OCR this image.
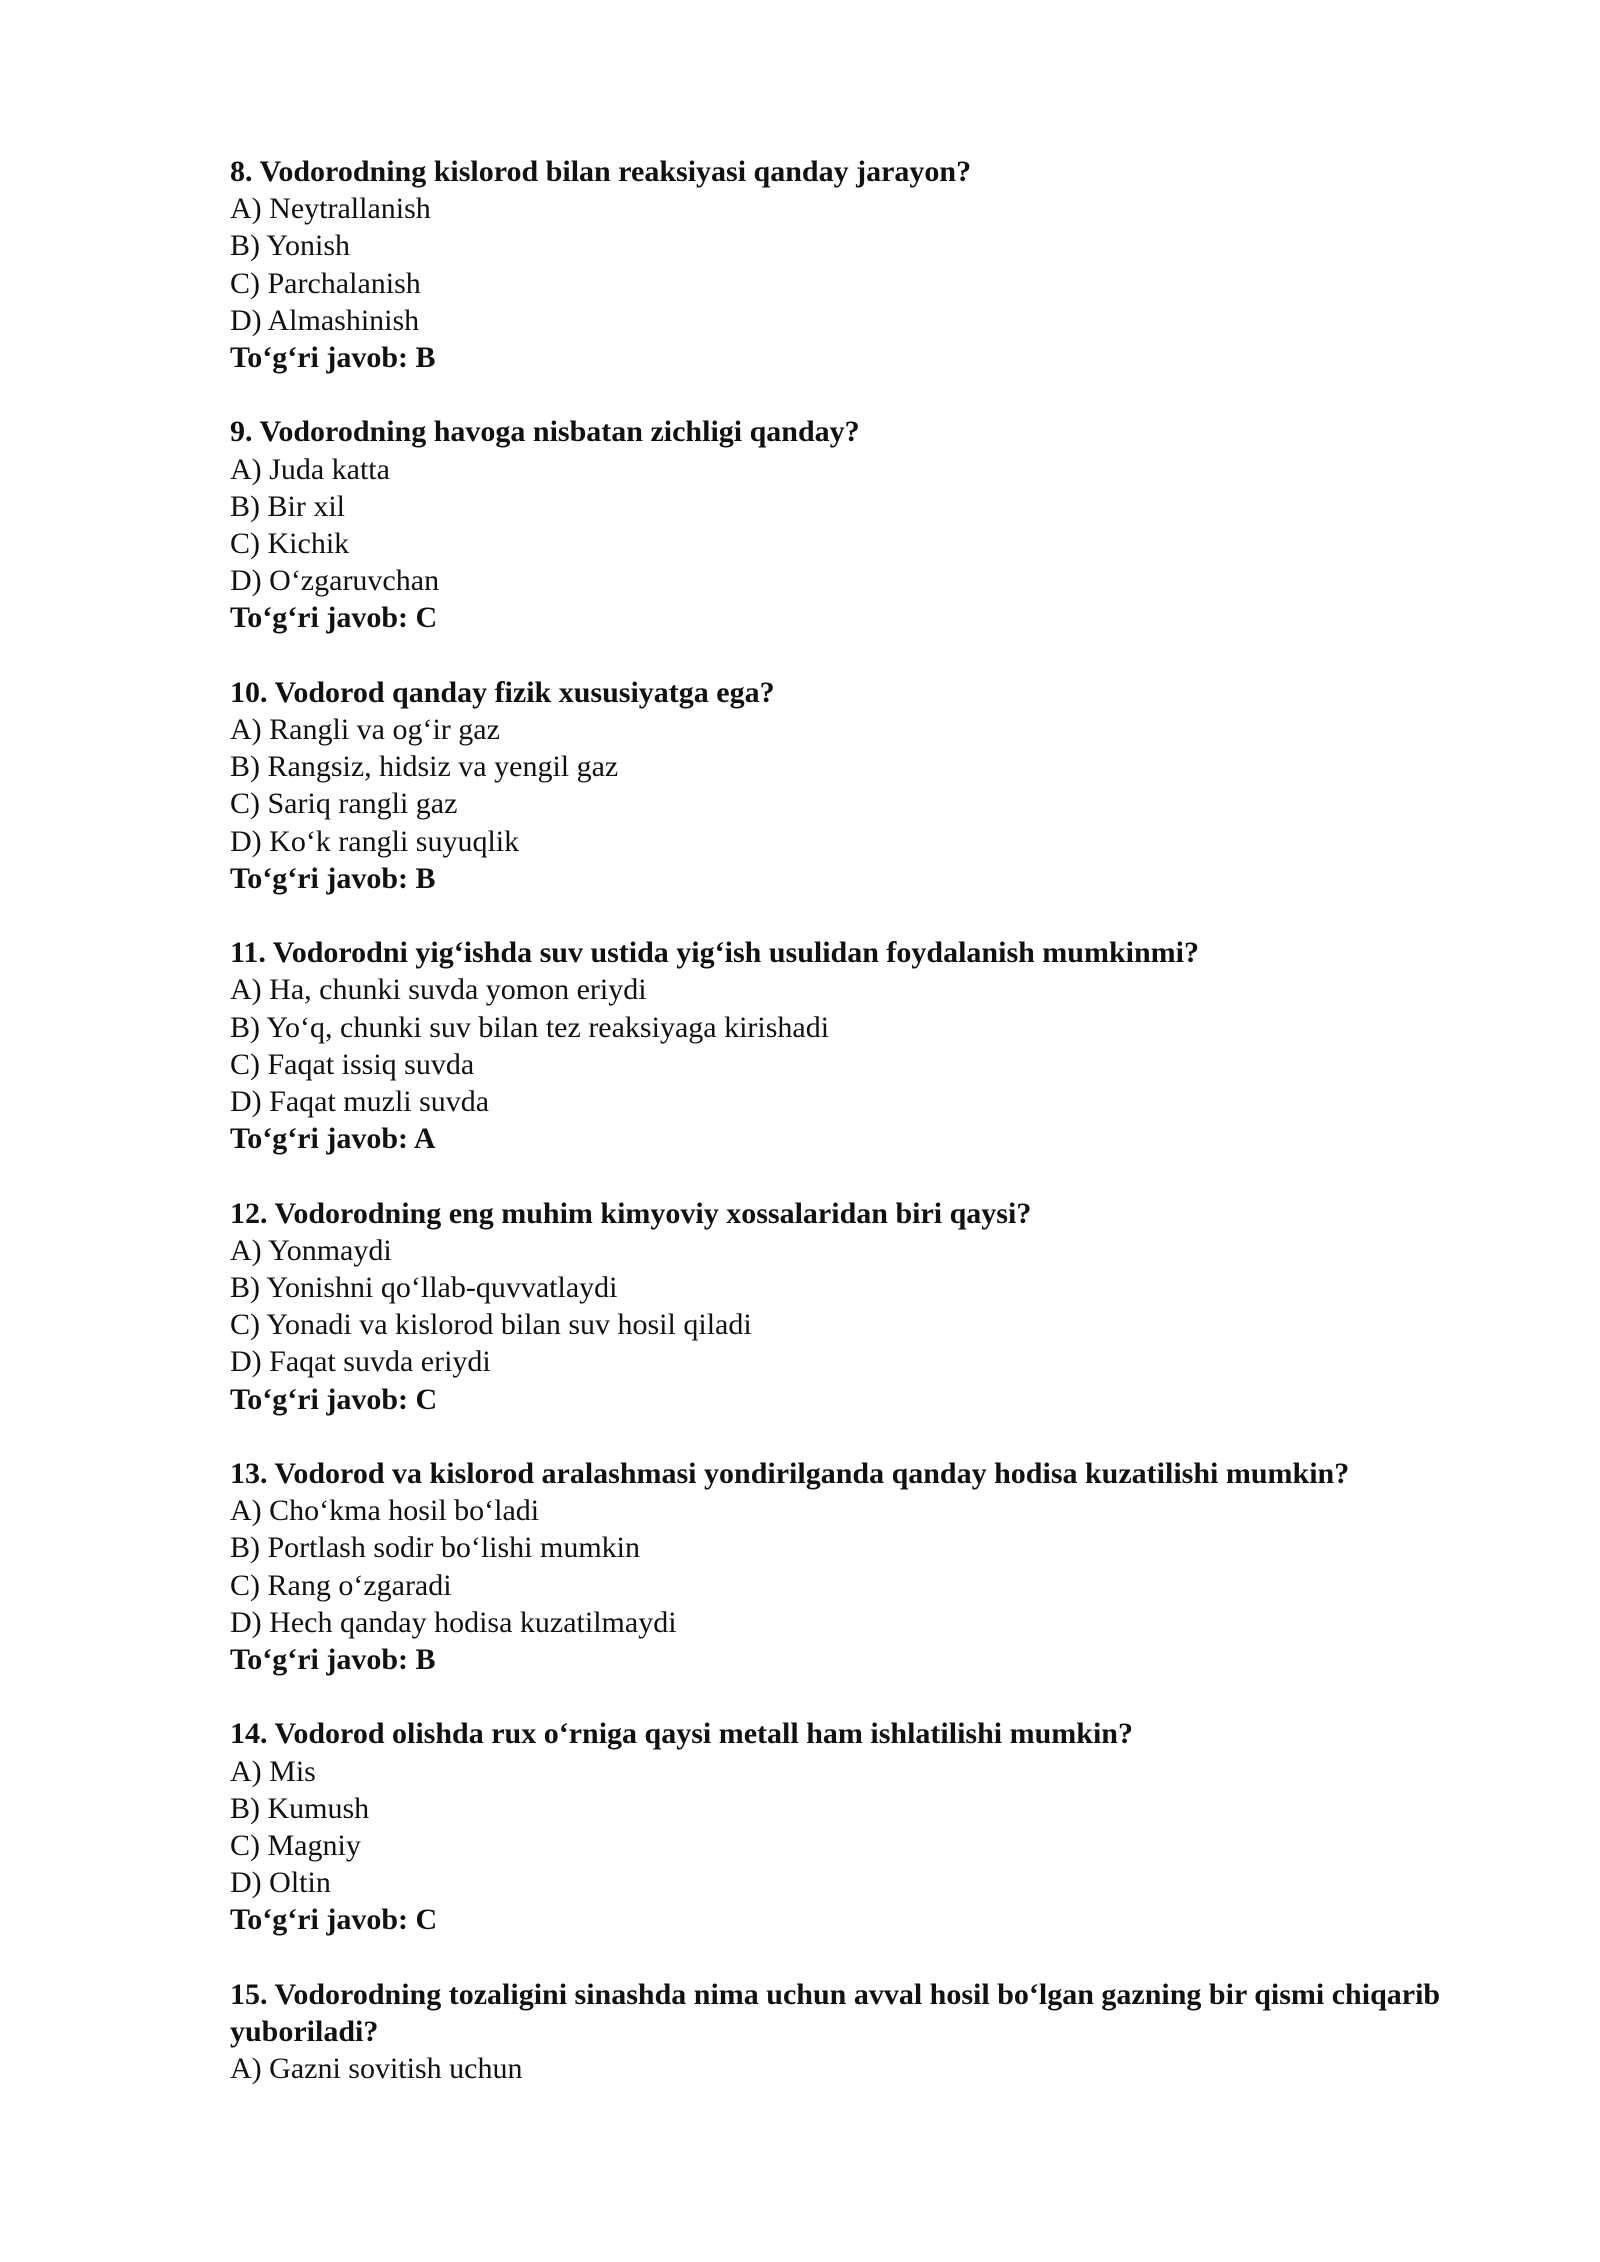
8. Vodorodning kislorod bilan reaksiyasi qanday jarayon?

A) Neytrallanish

B) Yonish

C) Parchalanish

D) Almashinish

To‘g‘ri javob: B

9. Vodorodning havoga nisbatan zichligi qanday?

A) Juda katta

B) Bir xil

C) Kichik

D) O‘zgaruvchan

To‘g‘ri javob: C

10. Vodorod qanday fizik xususiyatga ega?

A) Rangli va og‘ir gaz

B) Rangsiz, hidsiz va yengil gaz

C) Sariq rangli gaz

D) Ko‘k rangli suyuqlik

To‘g‘ri javob: B

11. Vodorodni yig‘ishda suv ustida yig‘ish usulidan foydalanish mumkinmi?

A) Ha, chunki suvda yomon eriydi

B) Yo‘q, chunki suv bilan tez reaksiyaga kirishadi

C) Faqat issiq suvda

D) Faqat muzli suvda

To‘g‘ri javob: A

12. Vodorodning eng muhim kimyoviy xossalaridan biri qaysi?

A) Yonmaydi

B) Yonishni qo‘llab-quvvatlaydi

C) Yonadi va kislorod bilan suv hosil qiladi

D) Faqat suvda eriydi

To‘g‘ri javob: C

13. Vodorod va kislorod aralashmasi yondirilganda qanday hodisa kuzatilishi mumkin?

A) Cho‘kma hosil bo‘ladi

B) Portlash sodir bo‘lishi mumkin

C) Rang o‘zgaradi

D) Hech qanday hodisa kuzatilmaydi

To‘g‘ri javob: B

14. Vodorod olishda rux o‘rniga qaysi metall ham ishlatilishi mumkin?

A) Mis

B) Kumush

C) Magniy

D) Oltin

To‘g‘ri javob: C

15. Vodorodning tozaligini sinashda nima uchun avval hosil bo‘lgan gazning bir qismi chiqarib yuboriladi?

A) Gazni sovitish uchun
